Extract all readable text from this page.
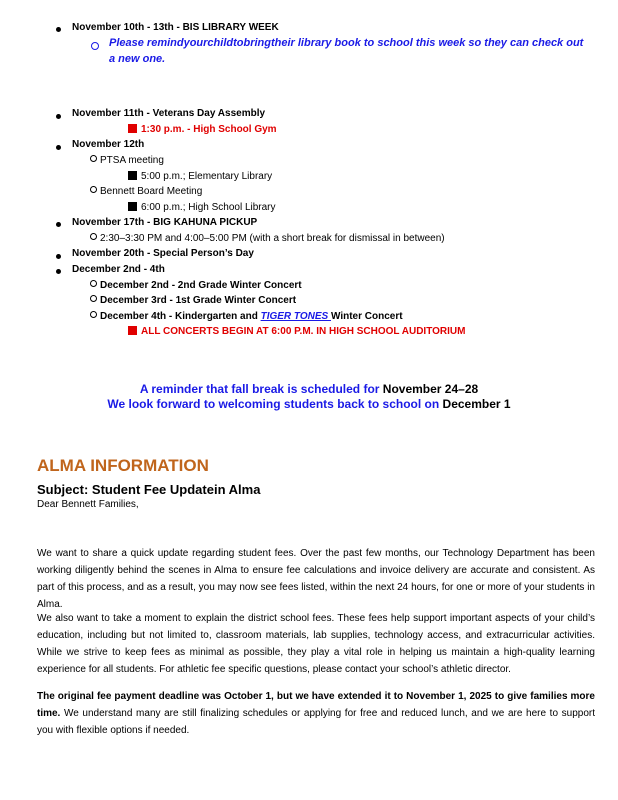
November 10th - 13th - BIS LIBRARY WEEK
Please remindyourchildtobringtheir library book to school this week so they can check out
a new one.
November 11th - Veterans Day Assembly
1:30 p.m. - High School Gym
November 12th
PTSA meeting
5:00 p.m.; Elementary Library
Bennett Board Meeting
6:00 p.m.; High School Library
November 17th - BIG KAHUNA PICKUP
2:30–3:30 PM and 4:00–5:00 PM (with a short break for dismissal in between)
November 20th - Special Person’s Day
December 2nd - 4th
December 2nd - 2nd Grade Winter Concert
December 3rd - 1st Grade Winter Concert
December 4th - Kindergarten and TIGER TONES Winter Concert
ALL CONCERTS BEGIN AT 6:00 P.M. IN HIGH SCHOOL AUDITORIUM
A reminder that fall break is scheduled for November 24–28
We look forward to welcoming students back to school on December 1
ALMA INFORMATION
Subject: Student Fee Updatein Alma
Dear Bennett Families,
We want to share a quick update regarding student fees. Over the past few months, our Technology Department has been working diligently behind the scenes in Alma to ensure fee calculations and invoice delivery are accurate and consistent. As part of this process, and as a result, you may now see fees listed, within the next 24 hours, for one or more of your students in Alma.
We also want to take a moment to explain the district school fees. These fees help support important aspects of your child’s education, including but not limited to, classroom materials, lab supplies, technology access, and extracurricular activities. While we strive to keep fees as minimal as possible, they play a vital role in helping us maintain a high-quality learning experience for all students. For athletic fee specific questions, please contact your school’s athletic director.
The original fee payment deadline was October 1, but we have extended it to November 1, 2025 to give families more time. We understand many are still finalizing schedules or applying for free and reduced lunch, and we are here to support you with flexible options if needed.
